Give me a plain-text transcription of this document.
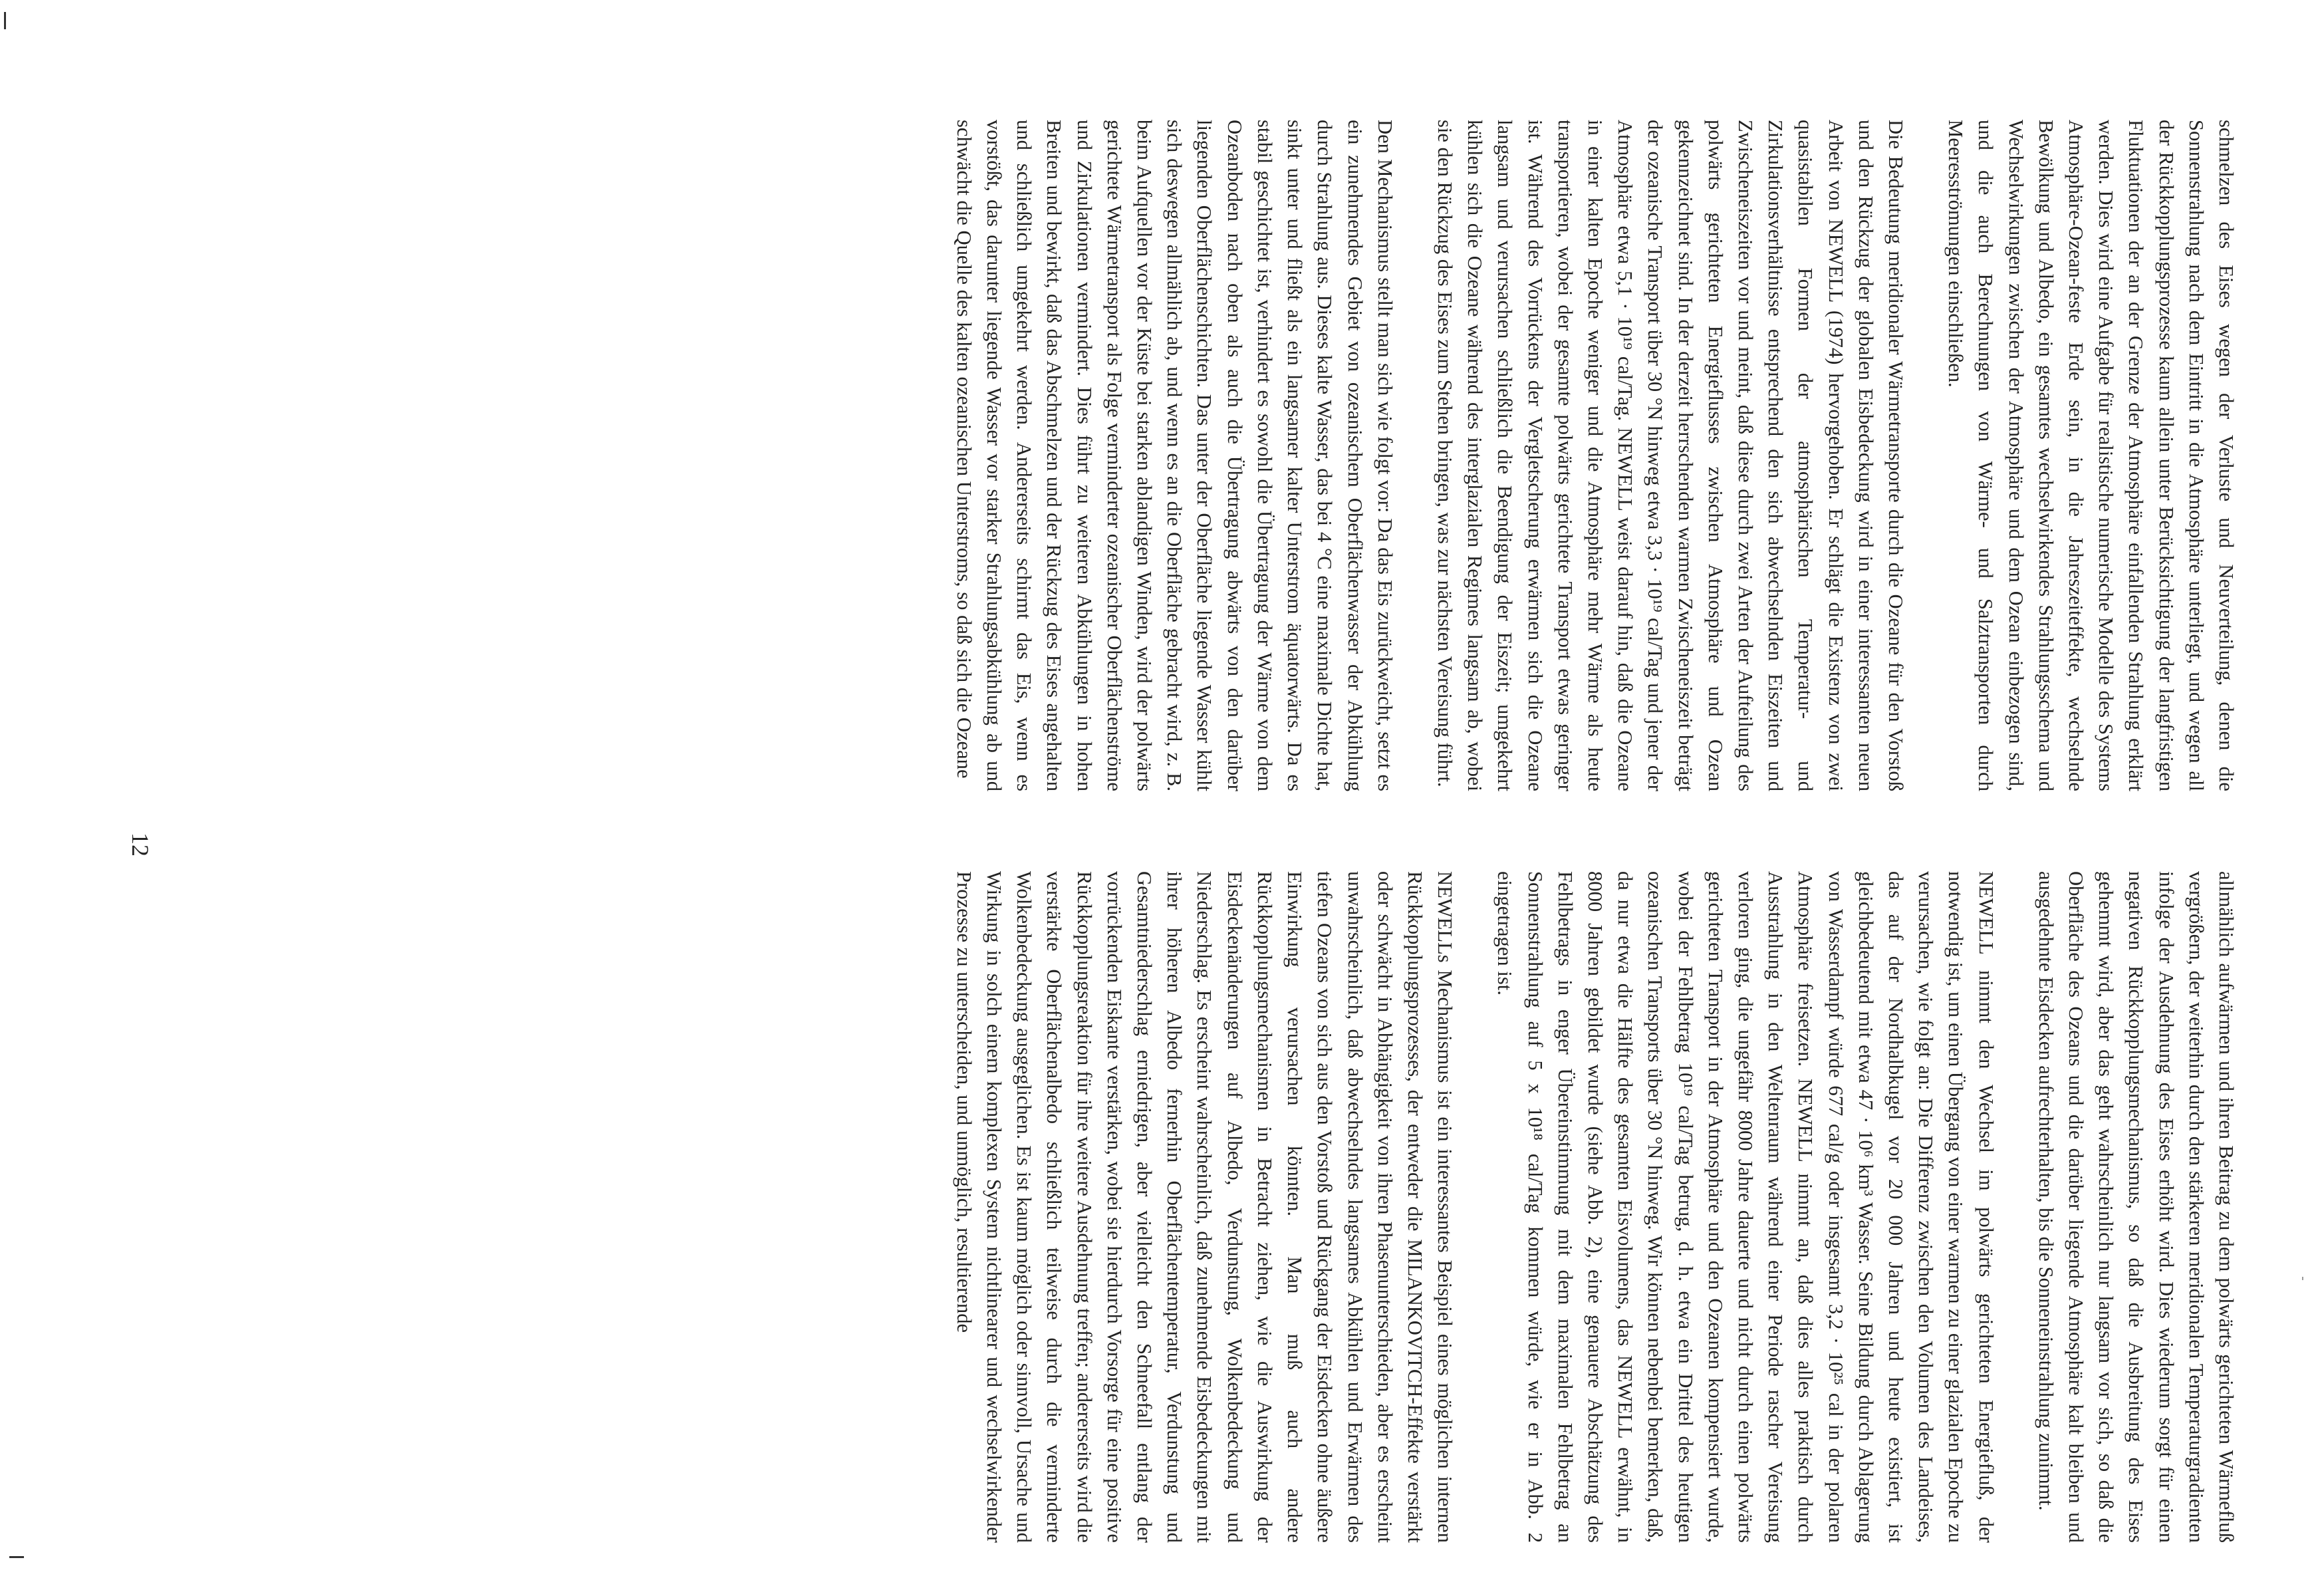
schmelzen des Eises wegen der Verluste und Neuverteilung, denen die Sonnenstrahlung nach dem Eintritt in die Atmosphäre unterliegt, und wegen all der Rückkopplungsprozesse kaum allein unter Berücksichtigung der langfristigen Fluktuationen der an der Grenze der Atmosphäre einfallenden Strahlung erklärt werden. Dies wird eine Aufgabe für realistische numerische Modelle des Systems Atmosphäre-Ozean-feste Erde sein, in die Jahreszeiteffekte, wechselnde Bewölkung und Albedo, ein gesamtes wechselwirkendes Strahlungsschema und Wechselwirkungen zwischen der Atmosphäre und dem Ozean einbezogen sind, und die auch Berechnungen von Wärme- und Salztransporten durch Meeresströmungen einschließen.

Die Bedeutung meridionaler Wärmetransporte durch die Ozeane für den Vorstoß und den Rückzug der globalen Eisbedeckung wird in einer interessanten neuen Arbeit von NEWELL (1974) hervorgehoben. Er schlägt die Existenz von zwei quasistabilen Formen der atmosphärischen Temperatur- und Zirkulationsverhältnisse entsprechend den sich abwechselnden Eiszeiten und Zwischeneiszeiten vor und meint, daß diese durch zwei Arten der Aufteilung des polwärts gerichteten Energieflusses zwischen Atmosphäre und Ozean gekennzeichnet sind. In der derzeit herrschenden warmen Zwischeneiszeit beträgt der ozeanische Transport über 30 °N hinweg etwa 3,3 · 10¹⁹ cal/Tag und jener der Atmosphäre etwa 5,1 · 10¹⁹ cal/Tag. NEWELL weist darauf hin, daß die Ozeane in einer kalten Epoche weniger und die Atmosphäre mehr Wärme als heute transportieren, wobei der gesamte polwärts gerichtete Transport etwas geringer ist. Während des Vorrückens der Vergletscherung erwärmen sich die Ozeane langsam und verursachen schließlich die Beendigung der Eiszeit; umgekehrt kühlen sich die Ozeane während des interglazialen Regimes langsam ab, wobei sie den Rückzug des Eises zum Stehen bringen, was zur nächsten Vereisung führt.

Den Mechanismus stellt man sich wie folgt vor: Da das Eis zurückweicht, setzt es ein zunehmendes Gebiet von ozeanischem Oberflächenwasser der Abkühlung durch Strahlung aus. Dieses kalte Wasser, das bei 4 °C eine maximale Dichte hat, sinkt unter und fließt als ein langsamer kalter Unterstrom äquatorwärts. Da es stabil geschichtet ist, verhindert es sowohl die Übertragung der Wärme von dem Ozeanboden nach oben als auch die Übertragung abwärts von den darüber liegenden Oberflächenschichten. Das unter der Oberfläche liegende Wasser kühlt sich deswegen allmählich ab, und wenn es an die Oberfläche gebracht wird, z. B. beim Aufquellen vor der Küste bei starken ablandigen Winden, wird der polwärts gerichtete Wärmetransport als Folge verminderter ozeanischer Oberflächenströme und Zirkulationen vermindert. Dies führt zu weiteren Abkühlungen in hohen Breiten und bewirkt, daß das Abschmelzen und der Rückzug des Eises angehalten und schließlich umgekehrt werden. Andererseits schirmt das Eis, wenn es vorstößt, das darunter liegende Wasser vor starker Strahlungsabkühlung ab und schwächt die Quelle des kalten ozeanischen Unterstroms, so daß sich die Ozeane

allmählich aufwärmen und ihren Beitrag zu dem polwärts gerichteten Wärmefluß vergrößern, der weiterhin durch den stärkeren meridionalen Temperaturgradienten infolge der Ausdehnung des Eises erhöht wird. Dies wiederum sorgt für einen negativen Rückkopplungsmechanismus, so daß die Ausbreitung des Eises gehemmt wird, aber das geht wahrscheinlich nur langsam vor sich, so daß die Oberfläche des Ozeans und die darüber liegende Atmosphäre kalt bleiben und ausgedehnte Eisdecken aufrechterhalten, bis die Sonneneinstrahlung zunimmt.

NEWELL nimmt den Wechsel im polwärts gerichteten Energiefluß, der notwendig ist, um einen Übergang von einer warmen zu einer glazialen Epoche zu verursachen, wie folgt an: Die Differenz zwischen den Volumen des Landeises, das auf der Nordhalbkugel vor 20 000 Jahren und heute existiert, ist gleichbedeutend mit etwa 47 · 10⁶ km³ Wasser. Seine Bildung durch Ablagerung von Wasserdampf würde 677 cal/g oder insgesamt 3,2 · 10²⁵ cal in der polaren Atmosphäre freisetzen. NEWELL nimmt an, daß dies alles praktisch durch Ausstrahlung in den Weltenraum während einer Periode rascher Vereisung verloren ging, die ungefähr 8000 Jahre dauerte und nicht durch einen polwärts gerichteten Transport in der Atmosphäre und den Ozeanen kompensiert wurde, wobei der Fehlbetrag 10¹⁹ cal/Tag betrug, d. h. etwa ein Drittel des heutigen ozeanischen Transports über 30 °N hinweg. Wir können nebenbei bemerken, daß, da nur etwa die Hälfte des gesamten Eisvolumens, das NEWELL erwähnt, in 8000 Jahren gebildet wurde (siehe Abb. 2), eine genauere Abschätzung des Fehlbetrags in enger Übereinstimmung mit dem maximalen Fehlbetrag an Sonnenstrahlung auf 5 x 10¹⁸ cal/Tag kommen würde, wie er in Abb. 2 eingetragen ist.

NEWELLs Mechanismus ist ein interessantes Beispiel eines möglichen internen Rückkopplungsprozesses, der entweder die MILANKOVITCH-Effekte verstärkt oder schwächt in Abhängigkeit von ihren Phasenunterschieden, aber es erscheint unwahrscheinlich, daß abwechselndes langsames Abkühlen und Erwärmen des tiefen Ozeans von sich aus den Vorstoß und Rückgang der Eisdecken ohne äußere Einwirkung verursachen könnten. Man muß auch andere Rückkopplungsmechanismen in Betracht ziehen, wie die Auswirkung der Eisdeckenänderungen auf Albedo, Verdunstung, Wolkenbedeckung und Niederschlag. Es erscheint wahrscheinlich, daß zunehmende Eisbedeckungen mit ihrer höheren Albedo fernerhin Oberflächentemperatur, Verdunstung und Gesamtniederschlag erniedrigen, aber vielleicht den Schneefall entlang der vorrückenden Eiskante verstärken, wobei sie hierdurch Vorsorge für eine positive Rückkopplungsreaktion für ihre weitere Ausdehnung treffen; andererseits wird die verstärkte Oberflächenalbedo schließlich teilweise durch die verminderte Wolkenbedeckung ausgeglichen. Es ist kaum möglich oder sinnvoll, Ursache und Wirkung in solch einem komplexen System nichtlinearer und wechselwirkender Prozesse zu unterscheiden, und unmöglich, resultierende

12
